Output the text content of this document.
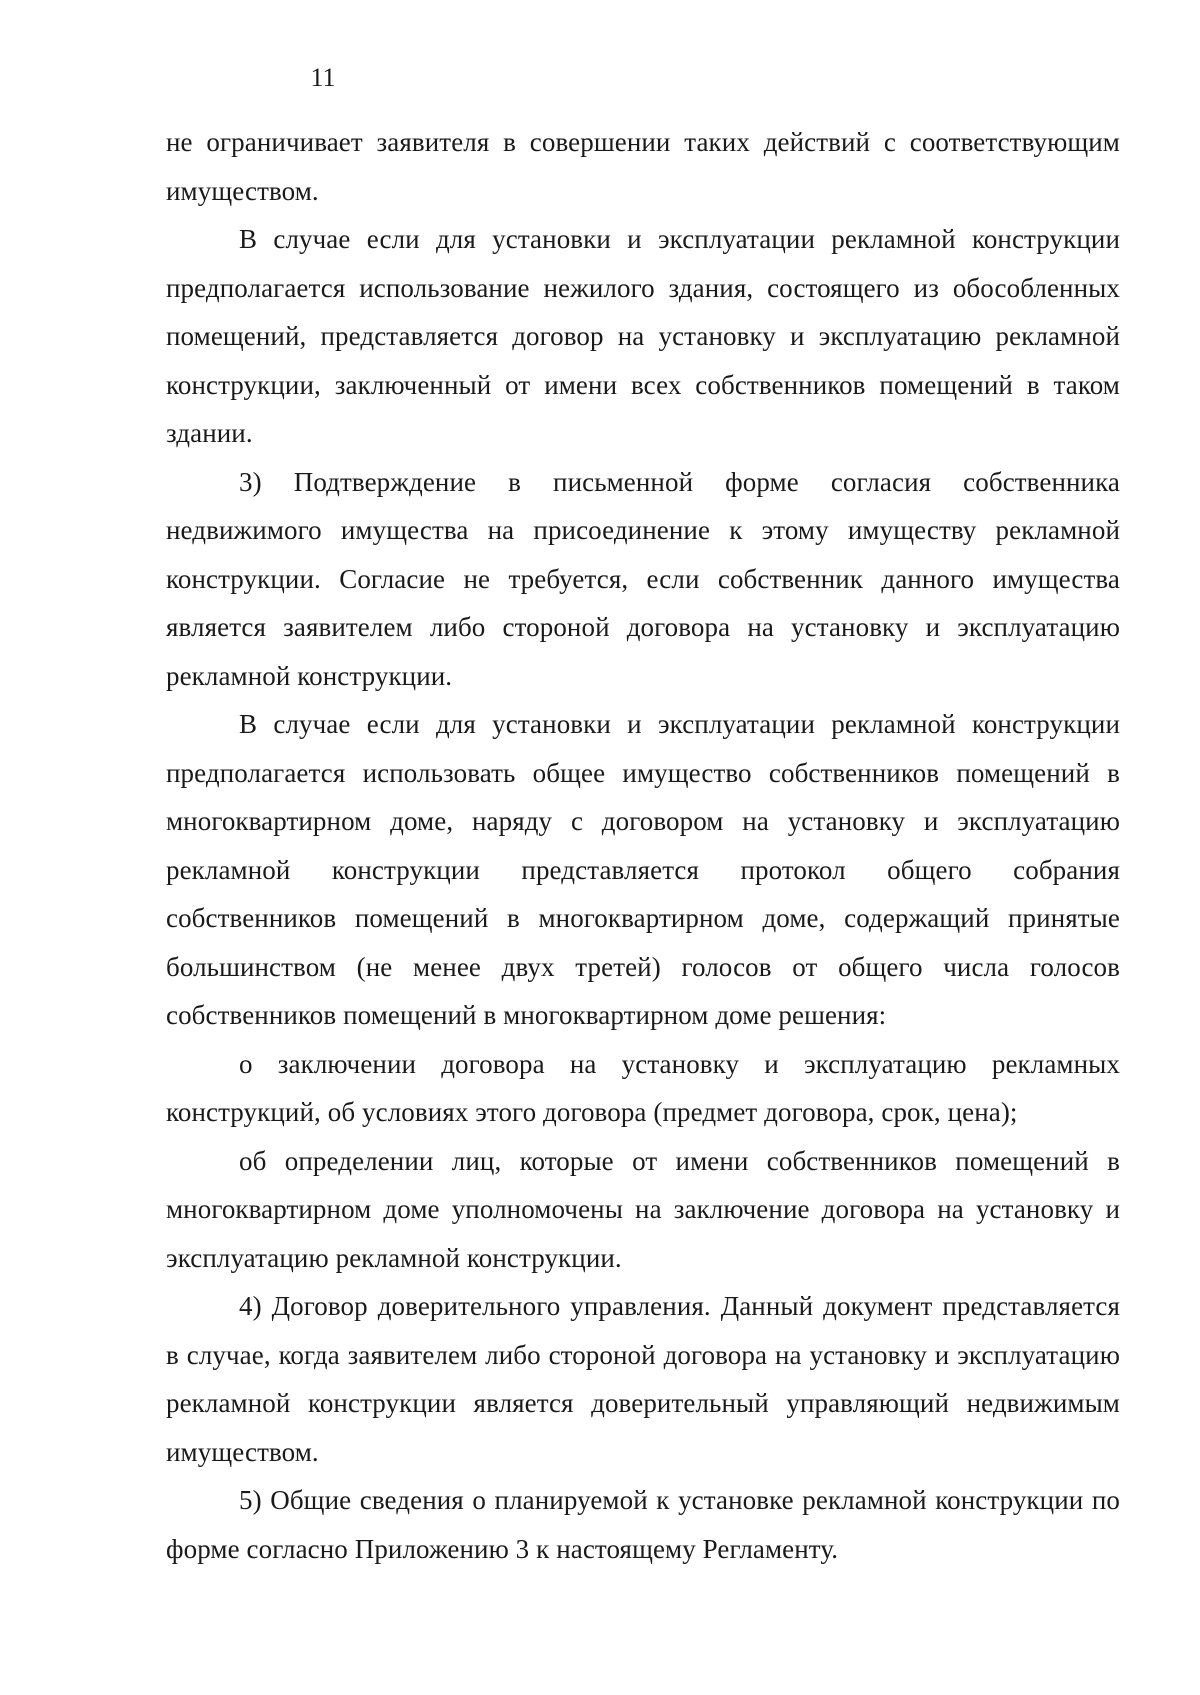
11

не ограничивает заявителя в совершении таких действий с соответствующим имуществом.

В случае если для установки и эксплуатации рекламной конструкции предполагается использование нежилого здания, состоящего из обособленных помещений, представляется договор на установку и эксплуатацию рекламной конструкции, заключенный от имени всех собственников помещений в таком здании.

3) Подтверждение в письменной форме согласия собственника недвижимого имущества на присоединение к этому имуществу рекламной конструкции. Согласие не требуется, если собственник данного имущества является заявителем либо стороной договора на установку и эксплуатацию рекламной конструкции.

В случае если для установки и эксплуатации рекламной конструкции предполагается использовать общее имущество собственников помещений в многоквартирном доме, наряду с договором на установку и эксплуатацию рекламной конструкции представляется протокол общего собрания собственников помещений в многоквартирном доме, содержащий принятые большинством (не менее двух третей) голосов от общего числа голосов собственников помещений в многоквартирном доме решения:

о заключении договора на установку и эксплуатацию рекламных конструкций, об условиях этого договора (предмет договора, срок, цена);

об определении лиц, которые от имени собственников помещений в многоквартирном доме уполномочены на заключение договора на установку и эксплуатацию рекламной конструкции.

4) Договор доверительного управления. Данный документ представляется в случае, когда заявителем либо стороной договора на установку и эксплуатацию рекламной конструкции является доверительный управляющий недвижимым имуществом.

5) Общие сведения о планируемой к установке рекламной конструкции по форме согласно Приложению 3 к настоящему Регламенту.
